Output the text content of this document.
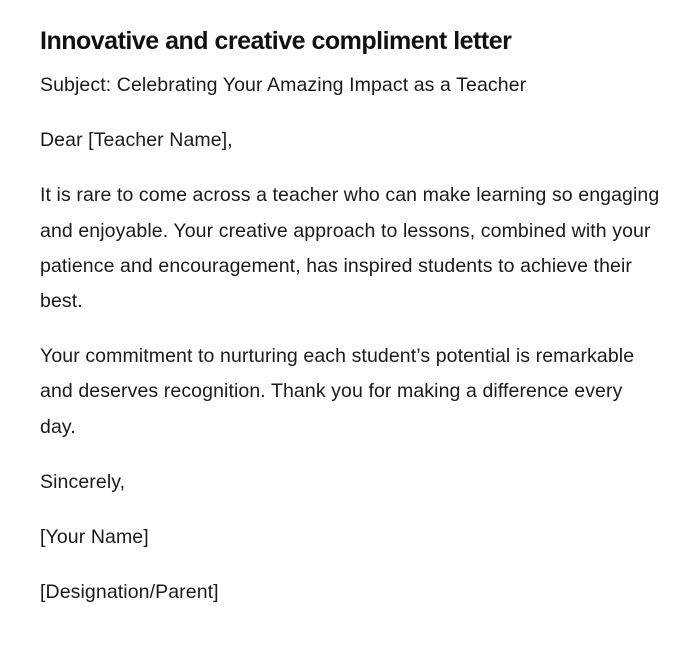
Innovative and creative compliment letter

Subject: Celebrating Your Amazing Impact as a Teacher

Dear [Teacher Name],

It is rare to come across a teacher who can make learning so engaging and enjoyable. Your creative approach to lessons, combined with your patience and encouragement, has inspired students to achieve their best.

Your commitment to nurturing each student’s potential is remarkable and deserves recognition. Thank you for making a difference every day.

Sincerely,

[Your Name]

[Designation/Parent]
